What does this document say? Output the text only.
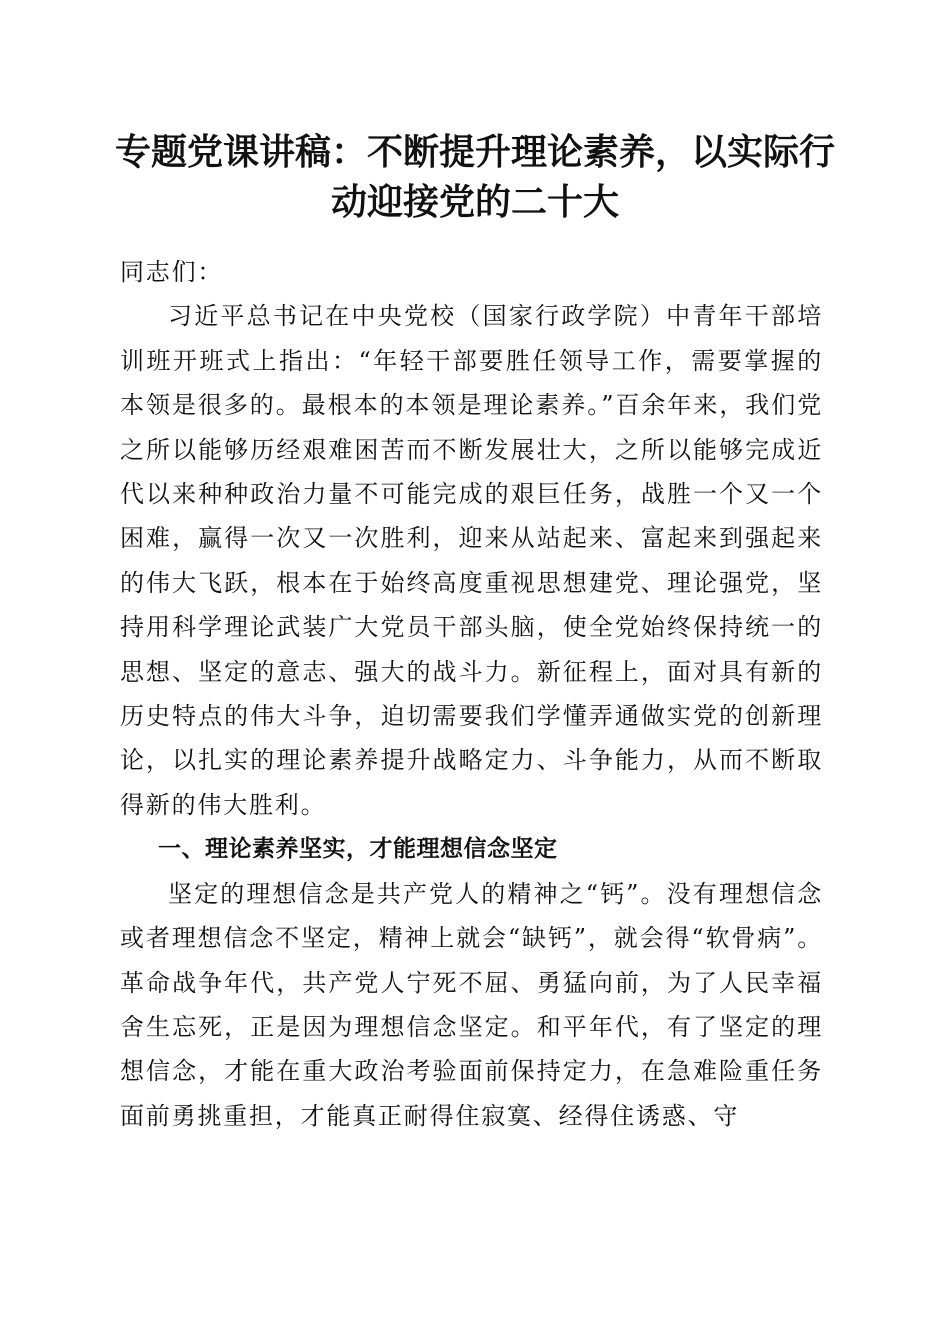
专题党课讲稿：不断提升理论素养，以实际行动迎接党的二十大

同志们：

习近平总书记在中央党校（国家行政学院）中青年干部培训班开班式上指出：“年轻干部要胜任领导工作，需要掌握的本领是很多的。最根本的本领是理论素养。”百余年来，我们党之所以能够历经艰难困苦而不断发展壮大，之所以能够完成近代以来种种政治力量不可能完成的艰巨任务，战胜一个又一个困难，赢得一次又一次胜利，迎来从站起来、富起来到强起来的伟大飞跃，根本在于始终高度重视思想建党、理论强党，坚持用科学理论武装广大党员干部头脑，使全党始终保持统一的思想、坚定的意志、强大的战斗力。新征程上，面对具有新的历史特点的伟大斗争，迫切需要我们学懂弄通做实党的创新理论，以扎实的理论素养提升战略定力、斗争能力，从而不断取得新的伟大胜利。

一、理论素养坚实，才能理想信念坚定

坚定的理想信念是共产党人的精神之“钙”。没有理想信念或者理想信念不坚定，精神上就会“缺钙”，就会得“软骨病”。革命战争年代，共产党人宁死不屈、勇猛向前，为了人民幸福舍生忘死，正是因为理想信念坚定。和平年代，有了坚定的理想信念，才能在重大政治考验面前保持定力，在急难险重任务面前勇挑重担，才能真正耐得住寂寞、经得住诱惑、守
